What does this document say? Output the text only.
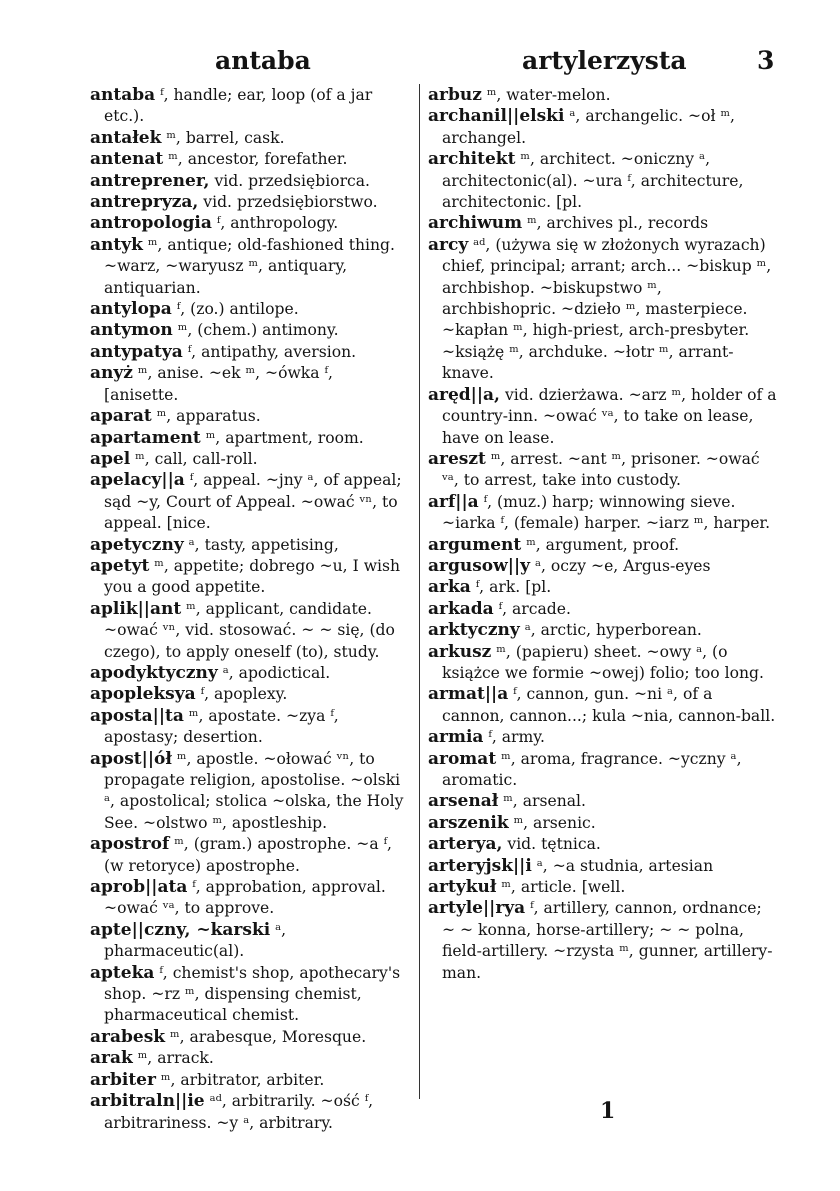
antaba	artylerzysta	3

antaba ᶠ, handle; ear, loop (of a jar etc.).

antałek ᵐ, barrel, cask.

antenat ᵐ, ancestor, forefather.

antreprener, vid. przedsiębiorca.

antrepryza, vid. przedsiębiorstwo.

antropologia ᶠ, anthropology.

antyk ᵐ, antique; old-fashioned thing. ~warz, ~waryusz ᵐ, antiquary, antiquarian.

antylopa ᶠ, (zo.) antilope.

antymon ᵐ, (chem.) antimony.

antypatya ᶠ, antipathy, aversion.

anyż ᵐ, anise. ~ek ᵐ, ~ówka ᶠ, [anisette.

aparat ᵐ, apparatus.

apartament ᵐ, apartment, room.

apel ᵐ, call, call-roll.

apelacy||a ᶠ, appeal. ~jny ᵃ, of appeal; sąd ~y, Court of Appeal. ~ować ᵛⁿ, to appeal. [nice.

apetyczny ᵃ, tasty, appetising,

apetyt ᵐ, appetite; dobrego ~u, I wish you a good appetite.

aplik||ant ᵐ, applicant, candidate. ~ować ᵛⁿ, vid. stosować. ~ ~ się, (do czego), to apply oneself (to), study.

apodyktyczny ᵃ, apodictical.

apopleksya ᶠ, apoplexy.

aposta||ta ᵐ, apostate. ~zya ᶠ, apostasy; desertion.

apost||ół ᵐ, apostle. ~ołować ᵛⁿ, to propagate religion, apostolise. ~olski ᵃ, apostolical; stolica ~olska, the Holy See. ~olstwo ᵐ, apostleship.

apostrof ᵐ, (gram.) apostrophe. ~a ᶠ, (w retoryce) apostrophe.

aprob||ata ᶠ, approbation, approval. ~ować ᵛᵃ, to approve.

apte||czny, ~karski ᵃ, pharmaceutic(al).

apteka ᶠ, chemist's shop, apothecary's shop. ~rz ᵐ, dispensing chemist, pharmaceutical chemist.

arabesk ᵐ, arabesque, Moresque.

arak ᵐ, arrack.

arbiter ᵐ, arbitrator, arbiter.

arbitraln||ie ᵃᵈ, arbitrarily. ~ość ᶠ, arbitrariness. ~y ᵃ, arbitrary.

arbuz ᵐ, water-melon.

archanil||elski ᵃ, archangelic. ~oł ᵐ, archangel.

architekt ᵐ, architect. ~oniczny ᵃ, architectonic(al). ~ura ᶠ, architecture, architectonic. [pl.

archiwum ᵐ, archives pl., records

arcy ᵃᵈ, (używa się w złożonych wyrazach) chief, principal; arrant; arch... ~biskup ᵐ, archbishop. ~biskupstwo ᵐ, archbishopric. ~dzieło ᵐ, masterpiece. ~kapłan ᵐ, high-priest, arch-presbyter. ~książę ᵐ, archduke. ~łotr ᵐ, arrant-knave.

aręd||a, vid. dzierżawa. ~arz ᵐ, holder of a country-inn. ~ować ᵛᵃ, to take on lease, have on lease.

areszt ᵐ, arrest. ~ant ᵐ, prisoner. ~ować ᵛᵃ, to arrest, take into custody.

arf||a ᶠ, (muz.) harp; winnowing sieve. ~iarka ᶠ, (female) harper. ~iarz ᵐ, harper.

argument ᵐ, argument, proof.

argusow||y ᵃ, oczy ~e, Argus-eyes

arka ᶠ, ark. [pl.

arkada ᶠ, arcade.

arktyczny ᵃ, arctic, hyperborean.

arkusz ᵐ, (papieru) sheet. ~owy ᵃ, (o książce we formie ~owej) folio; too long.

armat||a ᶠ, cannon, gun. ~ni ᵃ, of a cannon, cannon...; kula ~nia, cannon-ball.

armia ᶠ, army.

aromat ᵐ, aroma, fragrance. ~yczny ᵃ, aromatic.

arsenał ᵐ, arsenal.

arszenik ᵐ, arsenic.

arterya, vid. tętnica.

arteryjsk||i ᵃ, ~a studnia, artesian

artykuł ᵐ, article. [well.

artyle||rya ᶠ, artillery, cannon, ordnance; ~ ~ konna, horse-artillery; ~ ~ polna, field-artillery. ~rzysta ᵐ, gunner, artillery-man.

1
